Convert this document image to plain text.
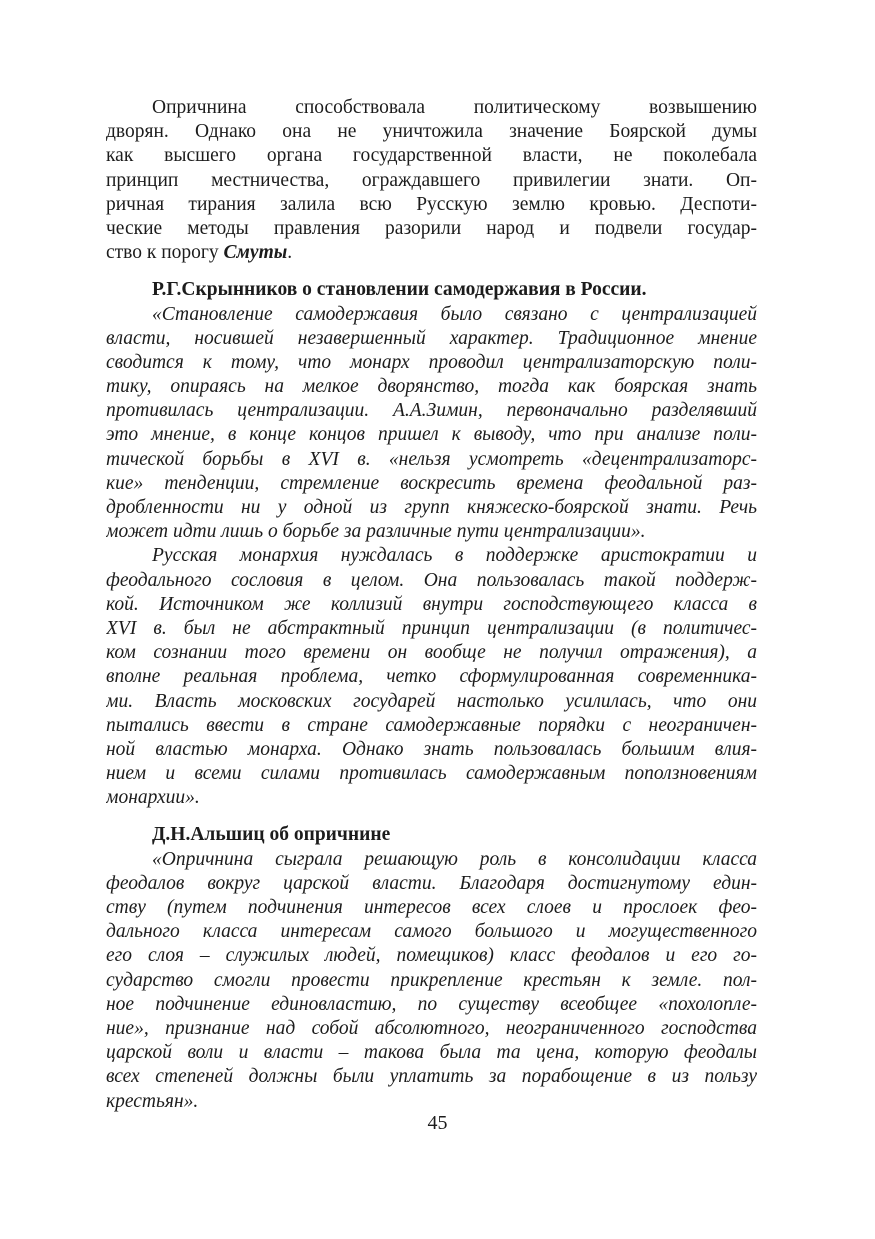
Опричнина способствовала политическому возвышению
дворян. Однако она не уничтожила значение Боярской думы
как высшего органа государственной власти, не поколебала
принцип местничества, ограждавшего привилегии знати. Оп-
ричная тирания залила всю Русскую землю кровью. Деспоти-
ческие методы правления разорили народ и подвели государ-
ство к порогу Смуты.
Р.Г.Скрынников о становлении самодержавия в России.
«Становление самодержавия было связано с централизацией
власти, носившей незавершенный характер. Традиционное мнение
сводится к тому, что монарх проводил централизаторскую поли-
тику, опираясь на мелкое дворянство, тогда как боярская знать
противилась централизации. А.А.Зимин, первоначально разделявший
это мнение, в конце концов пришел к выводу, что при анализе поли-
тической борьбы в XVI в. «нельзя усмотреть «децентрализаторс-
кие» тенденции, стремление воскресить времена феодальной раз-
дробленности ни у одной из групп княжеско-боярской знати. Речь
может идти лишь о борьбе за различные пути централизации».
Русская монархия нуждалась в поддержке аристократии и
феодального сословия в целом. Она пользовалась такой поддерж-
кой. Источником же коллизий внутри господствующего класса в
XVI в. был не абстрактный принцип централизации (в политичес-
ком сознании того времени он вообще не получил отражения), а
вполне реальная проблема, четко сформулированная современника-
ми. Власть московских государей настолько усилилась, что они
пытались ввести в стране самодержавные порядки с неограничен-
ной властью монарха. Однако знать пользовалась большим влия-
нием и всеми силами противилась самодержавным поползновениям
монархии».
Д.Н.Альшиц об опричнине
«Опричнина сыграла решающую роль в консолидации класса
феодалов вокруг царской власти. Благодаря достигнутому един-
ству (путем подчинения интересов всех слоев и прослоек фео-
дального класса интересам самого большого и могущественного
его слоя – служилых людей, помещиков) класс феодалов и его го-
сударство смогли провести прикрепление крестьян к земле. пол-
ное подчинение единовластию, по существу всеобщее «похолопле-
ние», признание над собой абсолютного, неограниченного господства
царской воли и власти – такова была та цена, которую феодалы
всех степеней должны были уплатить за порабощение в из пользу
крестьян».
45
